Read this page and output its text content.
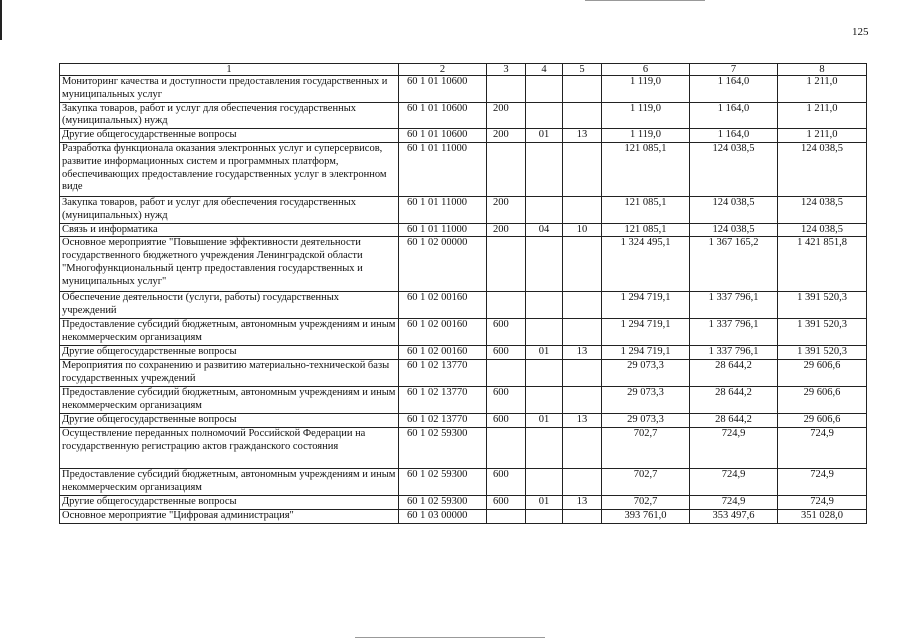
125
1	2	3	4	5	6	7	8
Мониторинг качества и доступности предоставления государственных и муниципальных услуг	60 1 01 10600				1 119,0	1 164,0	1 211,0
Закупка товаров, работ и услуг для обеспечения государственных (муниципальных) нужд	60 1 01 10600	200			1 119,0	1 164,0	1 211,0
Другие общегосударственные вопросы	60 1 01 10600	200	01	13	1 119,0	1 164,0	1 211,0
Разработка функционала оказания электронных услуг и суперсервисов, развитие информационных систем и программных платформ, обеспечивающих предоставление государственных услуг в электронном виде	60 1 01 11000				121 085,1	124 038,5	124 038,5
Закупка товаров, работ и услуг для обеспечения государственных (муниципальных) нужд	60 1 01 11000	200			121 085,1	124 038,5	124 038,5
Связь и информатика	60 1 01 11000	200	04	10	121 085,1	124 038,5	124 038,5
Основное мероприятие "Повышение эффективности деятельности государственного бюджетного учреждения Ленинградской области "Многофункциональный центр предоставления государственных и муниципальных услуг"	60 1 02 00000				1 324 495,1	1 367 165,2	1 421 851,8
Обеспечение деятельности (услуги, работы) государственных учреждений	60 1 02 00160				1 294 719,1	1 337 796,1	1 391 520,3
Предоставление субсидий бюджетным, автономным учреждениям и иным некоммерческим организациям	60 1 02 00160	600			1 294 719,1	1 337 796,1	1 391 520,3
Другие общегосударственные вопросы	60 1 02 00160	600	01	13	1 294 719,1	1 337 796,1	1 391 520,3
Мероприятия по сохранению и развитию материально-технической базы государственных учреждений	60 1 02 13770				29 073,3	28 644,2	29 606,6
Предоставление субсидий бюджетным, автономным учреждениям и иным некоммерческим организациям	60 1 02 13770	600			29 073,3	28 644,2	29 606,6
Другие общегосударственные вопросы	60 1 02 13770	600	01	13	29 073,3	28 644,2	29 606,6
Осуществление переданных полномочий Российской Федерации на государственную регистрацию актов гражданского состояния	60 1 02 59300				702,7	724,9	724,9
Предоставление субсидий бюджетным, автономным учреждениям и иным некоммерческим организациям	60 1 02 59300	600			702,7	724,9	724,9
Другие общегосударственные вопросы	60 1 02 59300	600	01	13	702,7	724,9	724,9
Основное мероприятие "Цифровая администрация"	60 1 03 00000				393 761,0	353 497,6	351 028,0
